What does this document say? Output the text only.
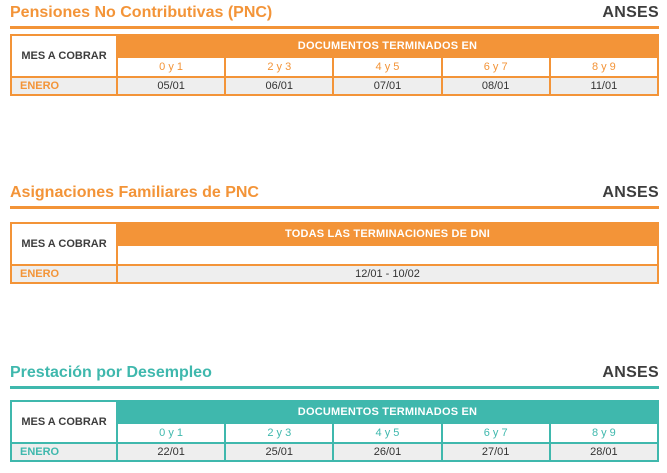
Pensiones No Contributivas (PNC)	ANSES
MES A COBRAR	DOCUMENTOS TERMINADOS EN				
	0 y 1	2 y 3	4 y 5	6 y 7	8 y 9
ENERO	05/01	06/01	07/01	08/01	11/01
Asignaciones Familiares de PNC	ANSES
MES A COBRAR	TODAS LAS TERMINACIONES DE DNI

ENERO	12/01 - 10/02
Prestación por Desempleo	ANSES
MES A COBRAR	DOCUMENTOS TERMINADOS EN				
	0 y 1	2 y 3	4 y 5	6 y 7	8 y 9
ENERO	22/01	25/01	26/01	27/01	28/01
